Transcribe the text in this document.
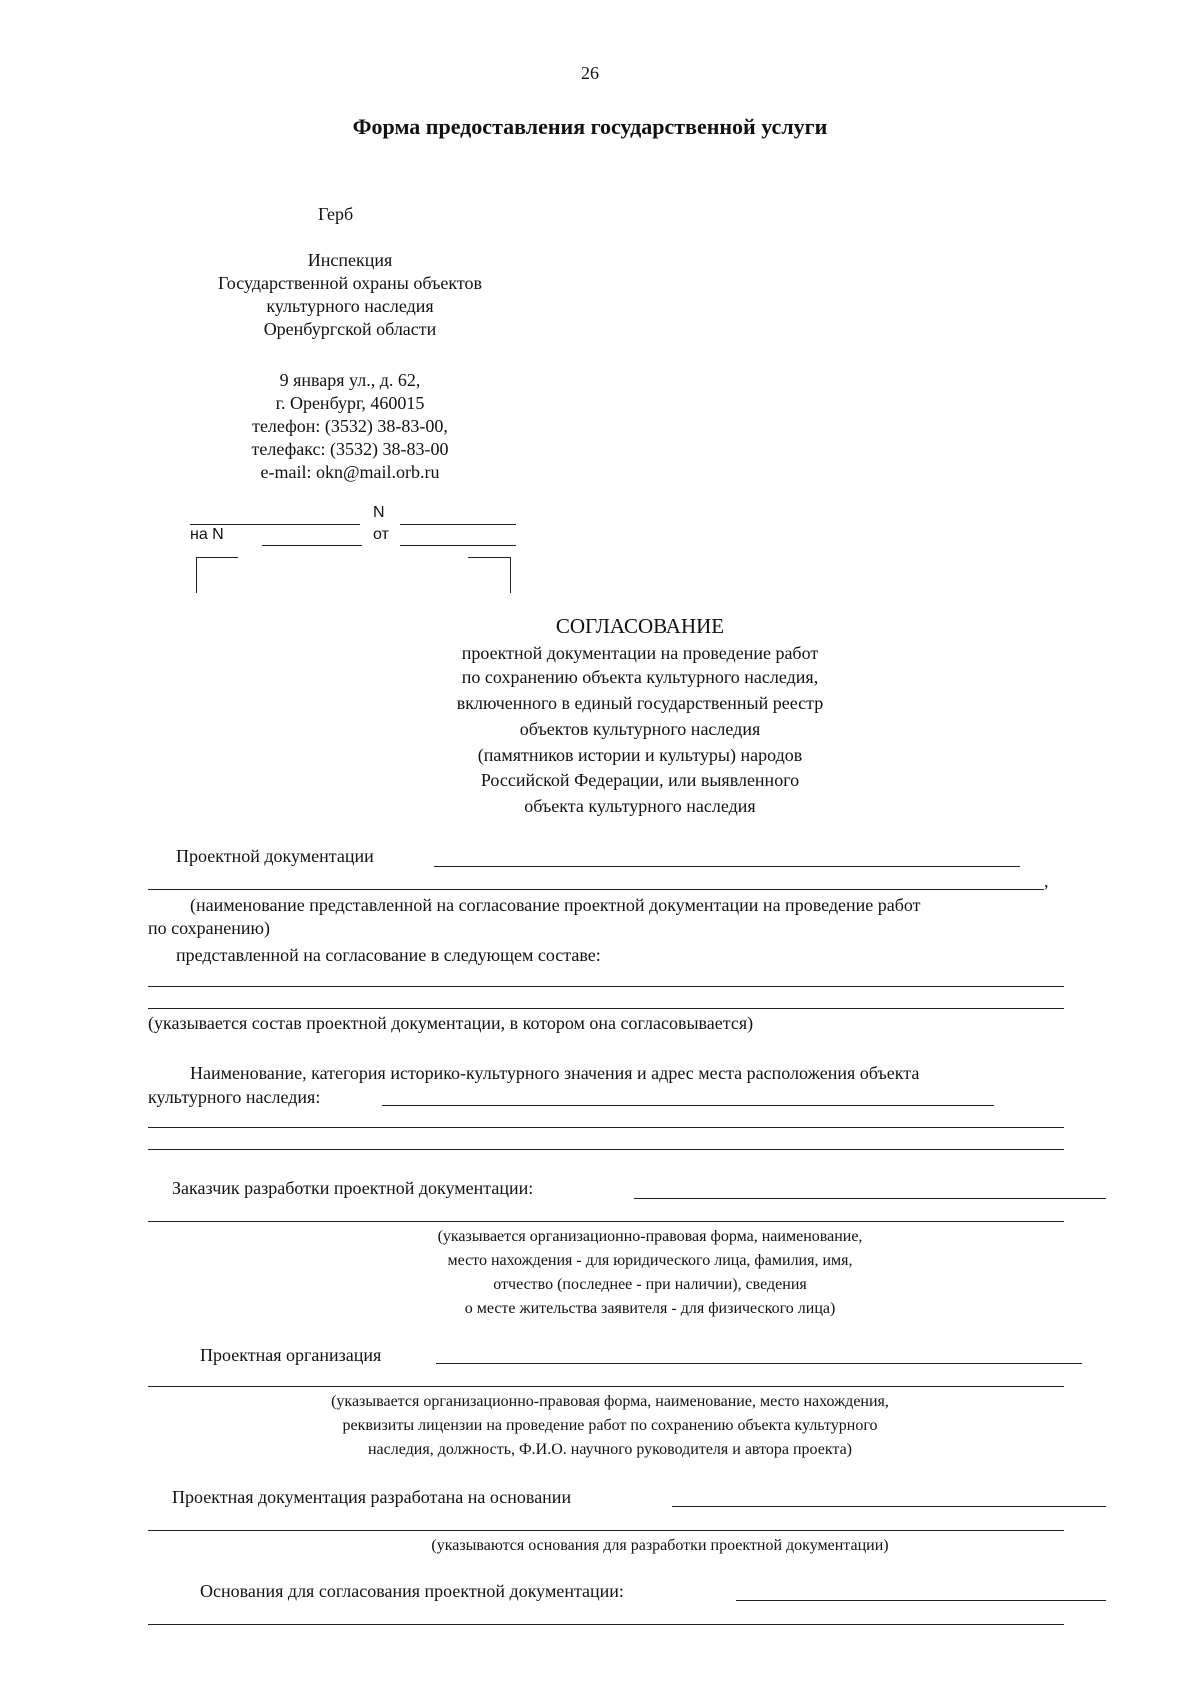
26
Форма предоставления государственной услуги
Герб
Инспекция
Государственной охраны объектов
культурного наследия
Оренбургской области
9 января ул., д. 62,
г. Оренбург, 460015
телефон: (3532) 38-83-00,
телефакс: (3532) 38-83-00
e-mail: okn@mail.orb.ru
N
на N	от
СОГЛАСОВАНИЕ
проектной документации на проведение работ
по сохранению объекта культурного наследия,
включенного в единый государственный реестр
объектов культурного наследия
(памятников истории и культуры) народов
Российской Федерации, или выявленного
объекта культурного наследия
Проектной документации
,
(наименование представленной на согласование проектной документации на проведение работ
по сохранению)
представленной на согласование в следующем составе:
(указывается состав проектной документации, в котором она согласовывается)
Наименование, категория историко-культурного значения и адрес места расположения объекта
культурного наследия:
Заказчик разработки проектной документации:
(указывается организационно-правовая форма, наименование,
место нахождения - для юридического лица, фамилия, имя,
отчество (последнее - при наличии), сведения
о месте жительства заявителя - для физического лица)
Проектная организация
(указывается организационно-правовая форма, наименование, место нахождения,
реквизиты лицензии на проведение работ по сохранению объекта культурного
наследия, должность, Ф.И.О. научного руководителя и автора проекта)
Проектная документация разработана на основании
(указываются основания для разработки проектной документации)
Основания для согласования проектной документации:
